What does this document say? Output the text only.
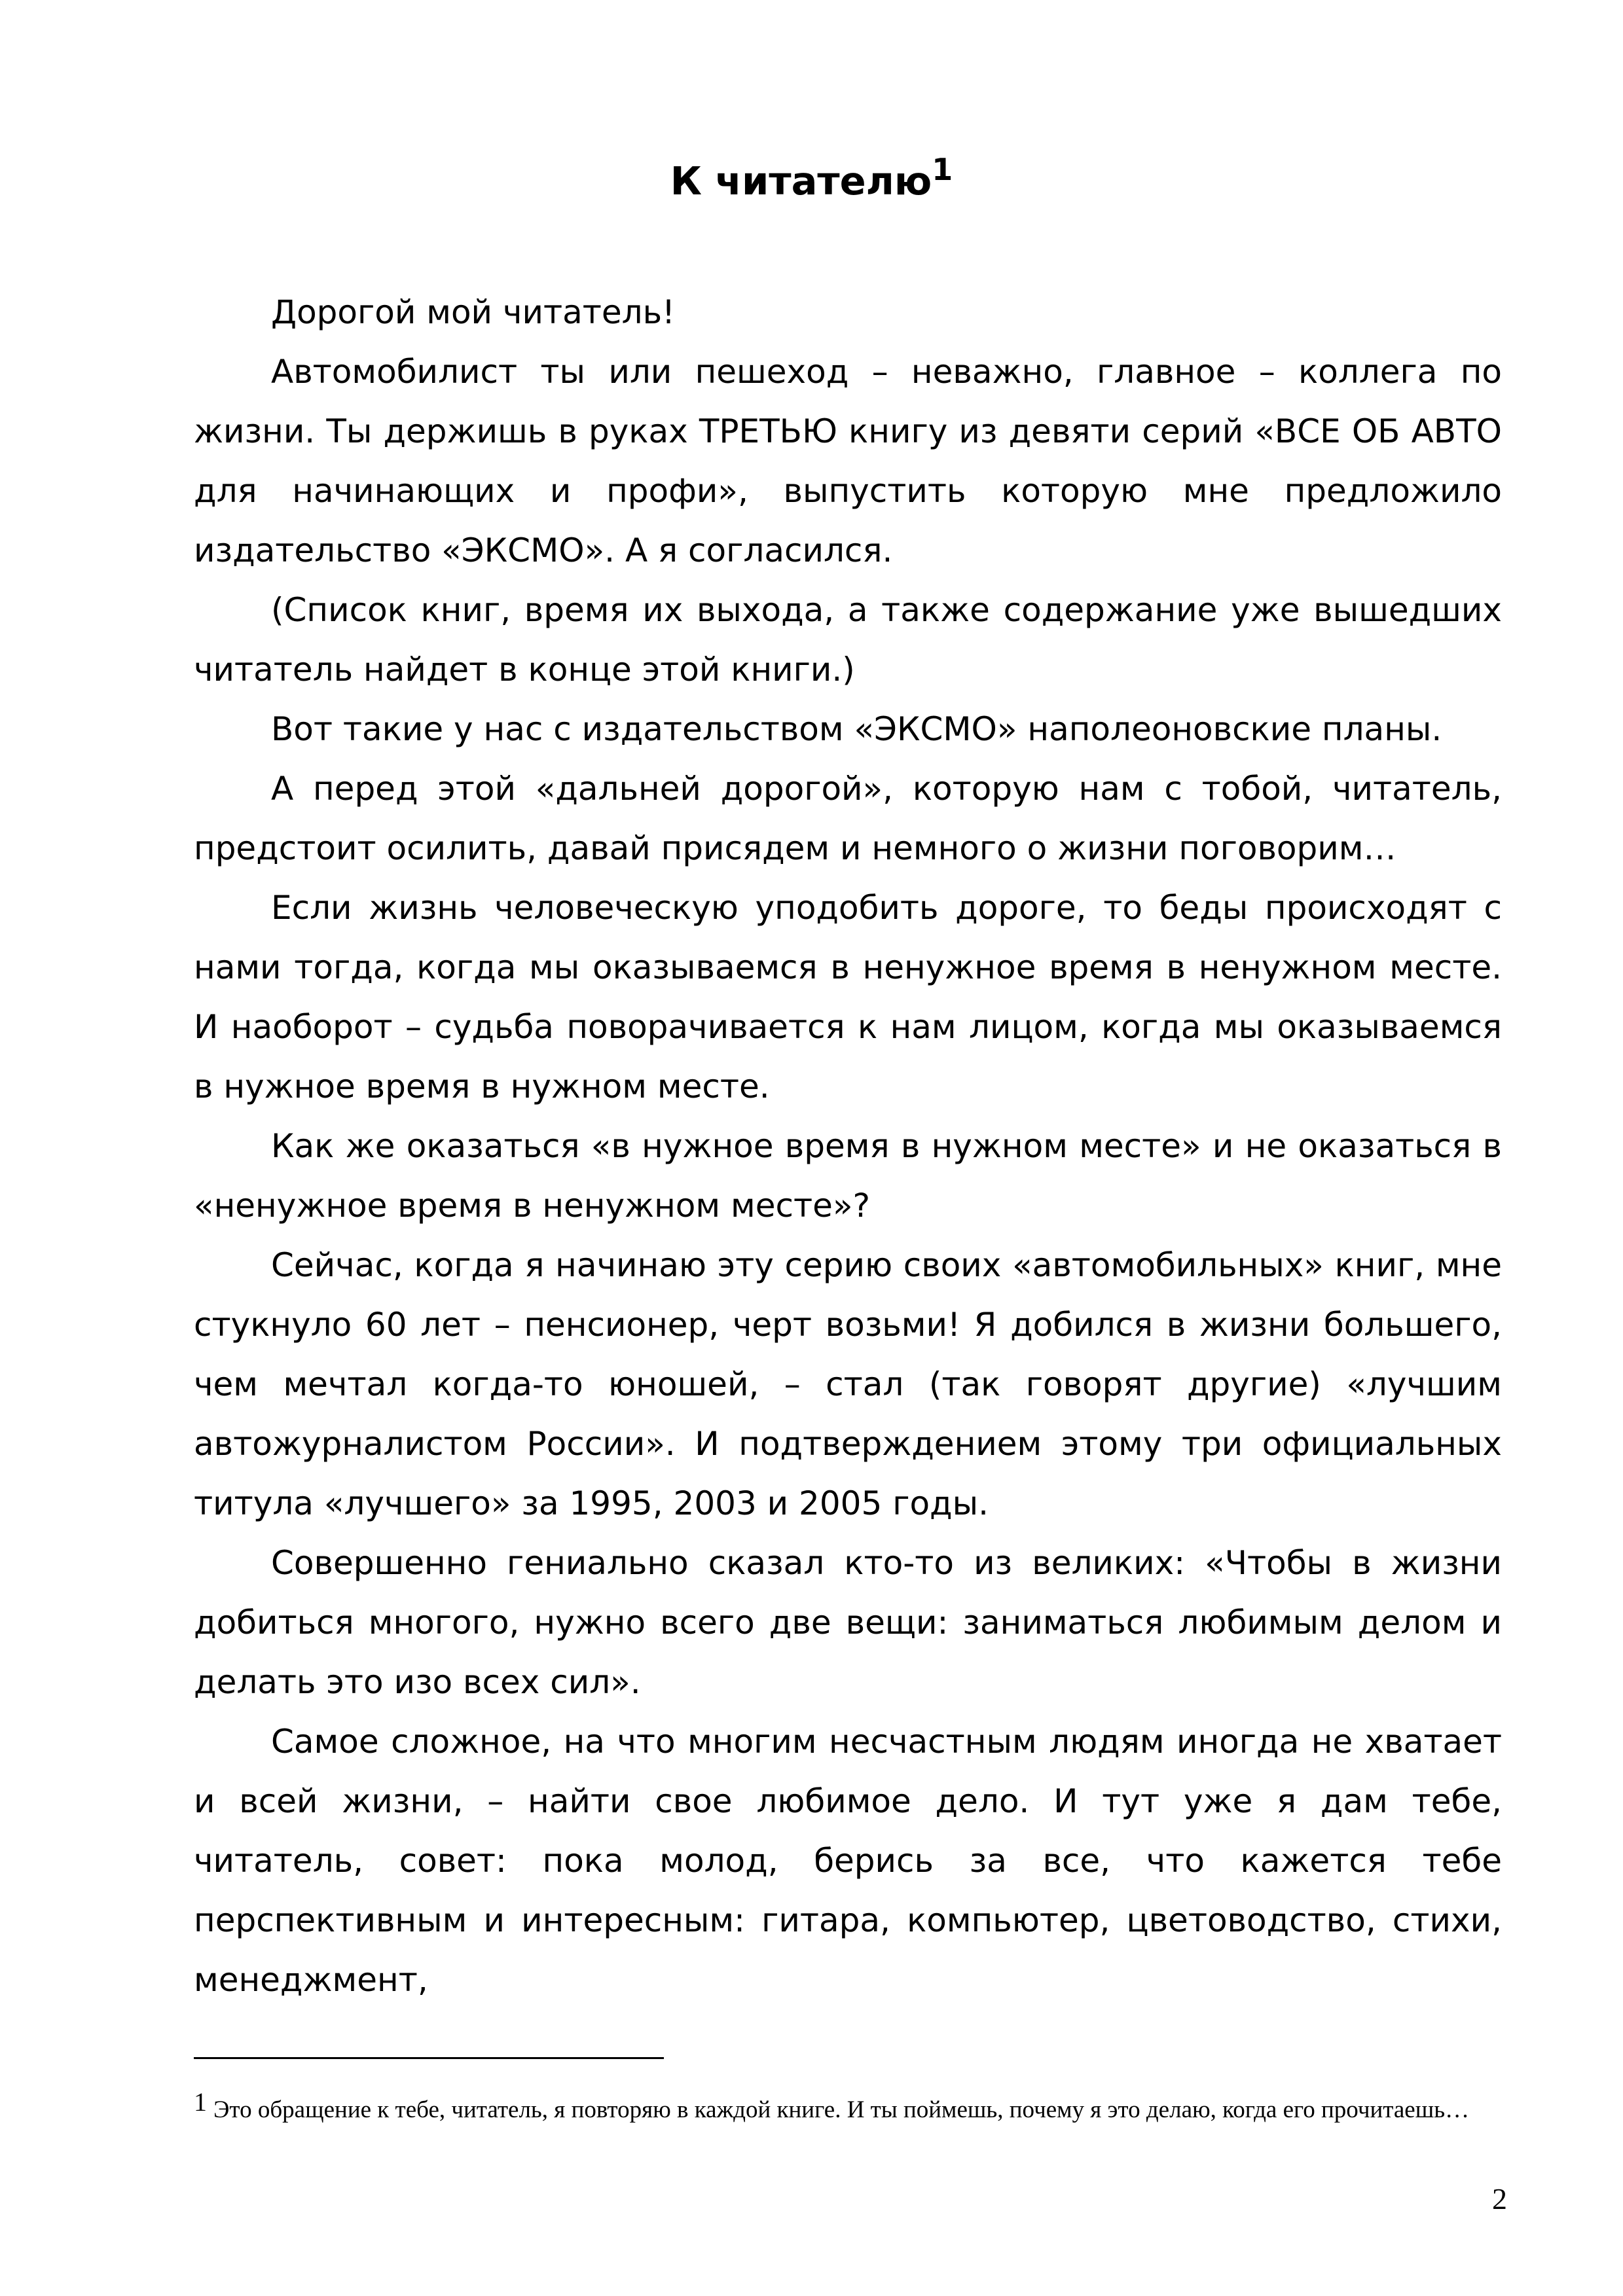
К читателю$^1$

Дорогой мой читатель!

Автомобилист ты или пешеход – неважно, главное – коллега по жизни. Ты держишь в руках ТРЕТЬЮ книгу из девяти серий «ВСЕ ОБ АВТО для начинающих и профи», выпустить которую мне предложило издательство «ЭКСМО». А я согласился.

(Список книг, время их выхода, а также содержание уже вышедших читатель найдет в конце этой книги.)

Вот такие у нас с издательством «ЭКСМО» наполеоновские планы.

А перед этой «дальней дорогой», которую нам с тобой, читатель, предстоит осилить, давай присядем и немного о жизни поговорим…

Если жизнь человеческую уподобить дороге, то беды происходят с нами тогда, когда мы оказываемся в ненужное время в ненужном месте. И наоборот – судьба поворачивается к нам лицом, когда мы оказываемся в нужное время в нужном месте.

Как же оказаться «в нужное время в нужном месте» и не оказаться в «ненужное время в ненужном месте»?

Сейчас, когда я начинаю эту серию своих «автомобильных» книг, мне стукнуло 60 лет – пенсионер, черт возьми! Я добился в жизни большего, чем мечтал когда-то юношей, – стал (так говорят другие) «лучшим автожурналистом России». И подтверждением этому три официальных титула «лучшего» за 1995, 2003 и 2005 годы.

Совершенно гениально сказал кто-то из великих: «Чтобы в жизни добиться многого, нужно всего две вещи: заниматься любимым делом и делать это изо всех сил».

Самое сложное, на что многим несчастным людям иногда не хватает и всей жизни, – найти свое любимое дело. И тут уже я дам тебе, читатель, совет: пока молод, берись за все, что кажется тебе перспективным и интересным: гитара, компьютер, цветоводство, стихи, менеджмент,

1 Это обращение к тебе, читатель, я повторяю в каждой книге. И ты поймешь, почему я это делаю, когда его прочитаешь…

2
